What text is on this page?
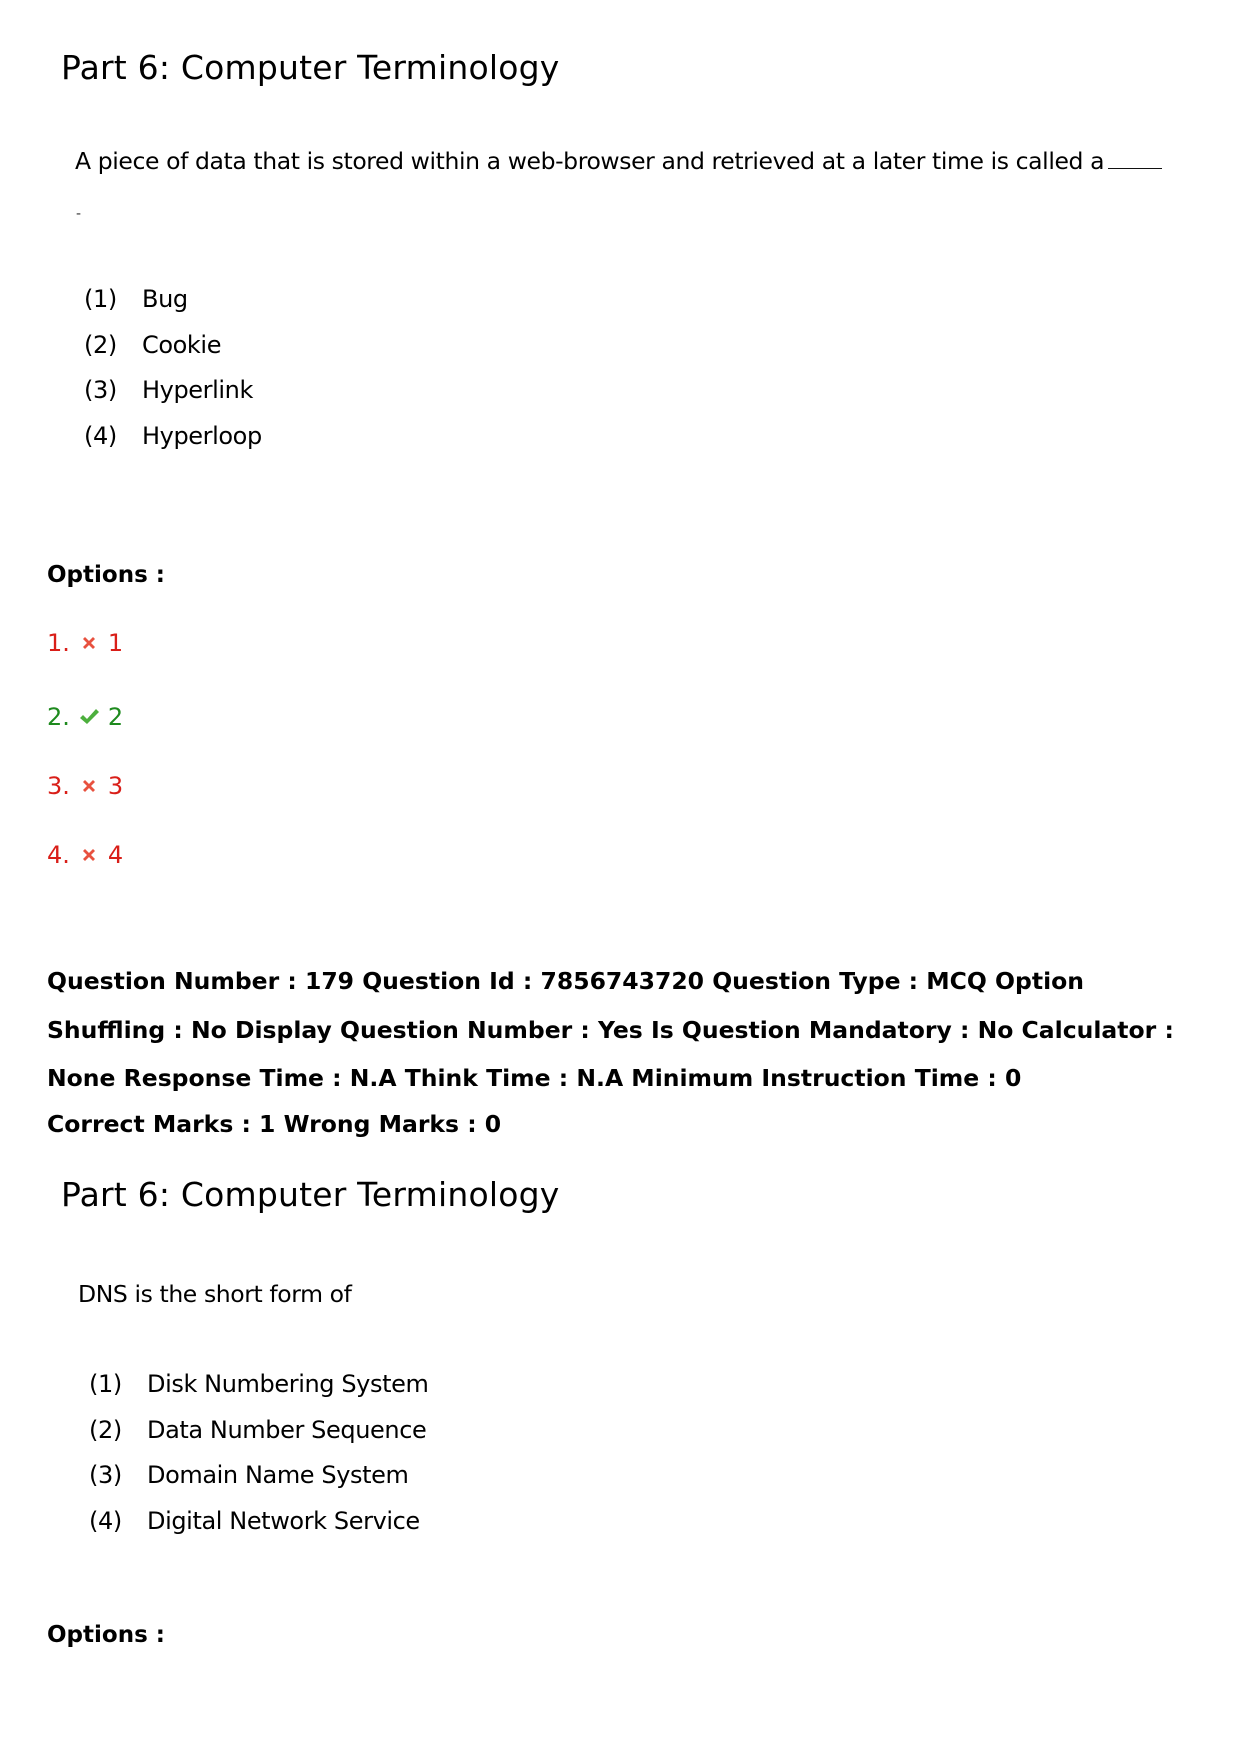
Part 6: Computer Terminology
A piece of data that is stored within a web-browser and retrieved at a later time is called a
-
(1)	Bug
(2)	Cookie
(3)	Hyperlink
(4)	Hyperloop
Options :
1. 1
2. 2
3. 3
4. 4
Question Number : 179 Question Id : 7856743720 Question Type : MCQ Option Shuffling : No Display Question Number : Yes Is Question Mandatory : No Calculator : None Response Time : N.A Think Time : N.A Minimum Instruction Time : 0
Correct Marks : 1 Wrong Marks : 0
Part 6: Computer Terminology
DNS is the short form of
(1)	Disk Numbering System
(2)	Data Number Sequence
(3)	Domain Name System
(4)	Digital Network Service
Options :
